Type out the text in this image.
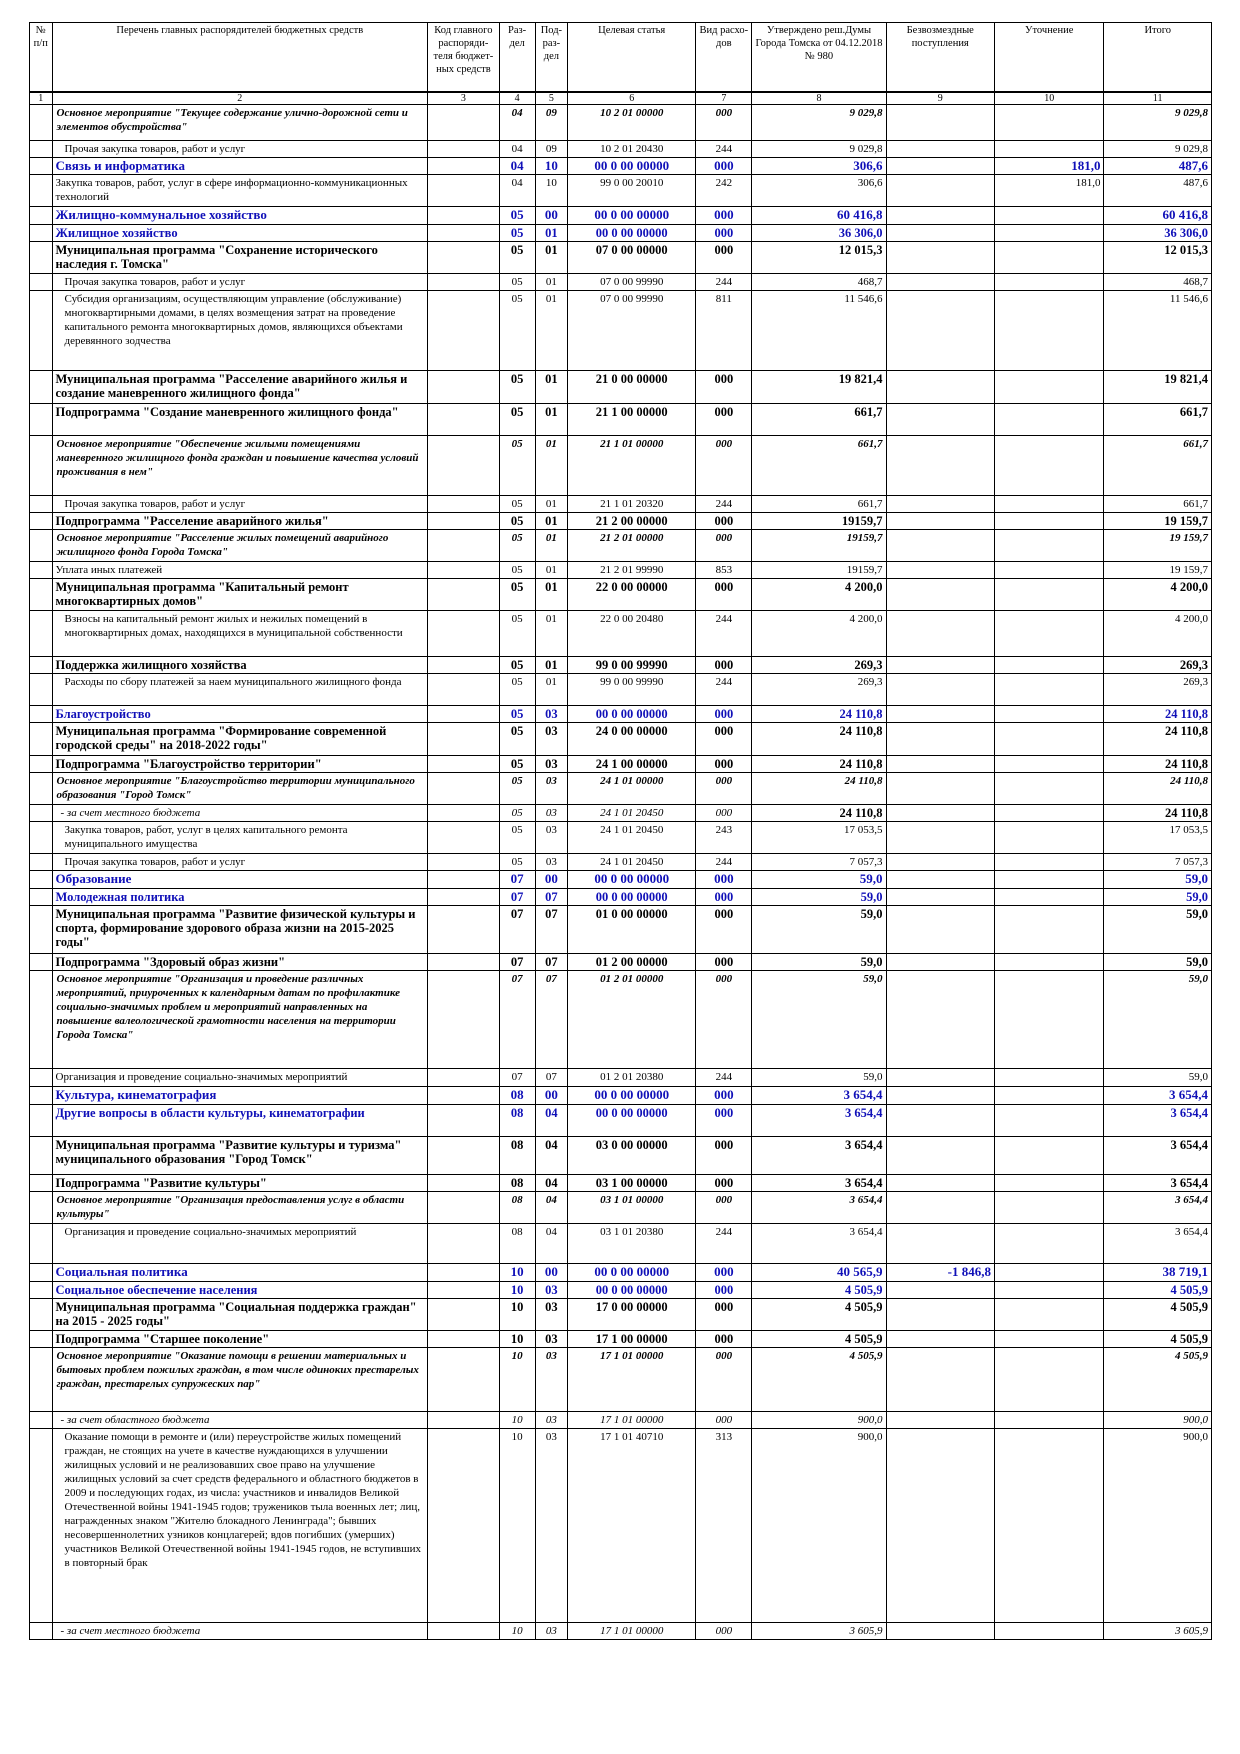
№ п/п	Перечень главных распорядителей бюджетных средств	Код главного распоряди-теля бюджет-ных средств	Раз-дел	Под-раз-дел	Целевая статья	Вид расхо-дов	Утверждено реш.Думы Города Томска от 04.12.2018 № 980	Безвозмездные поступления	Уточнение	Итого
1	2	3	4	5	6	7	8	9	10	11
	Основное мероприятие "Текущее содержание улично-дорожной сети и элементов обустройства"		04	09	10 2 01 00000	000	9 029,8			9 029,8
	Прочая закупка товаров, работ и услуг		04	09	10 2 01 20430	244	9 029,8			9 029,8
	Связь и информатика		04	10	00 0 00 00000	000	306,6		181,0	487,6
	Закупка товаров, работ, услуг в сфере информационно-коммуникационных технологий		04	10	99 0 00 20010	242	306,6		181,0	487,6
	Жилищно-коммунальное хозяйство		05	00	00 0 00 00000	000	60 416,8			60 416,8
	Жилищное хозяйство		05	01	00 0 00 00000	000	36 306,0			36 306,0
	Муниципальная программа "Сохранение исторического наследия г. Томска"		05	01	07 0 00 00000	000	12 015,3			12 015,3
	Прочая закупка товаров, работ и услуг		05	01	07 0 00 99990	244	468,7			468,7
	Субсидия организациям, осуществляющим управление (обслуживание) многоквартирными домами, в целях возмещения затрат на проведение капитального ремонта многоквартирных домов, являющихся объектами деревянного зодчества		05	01	07 0 00 99990	811	11 546,6			11 546,6
	Муниципальная программа "Расселение аварийного жилья и создание маневренного жилищного фонда"		05	01	21 0 00 00000	000	19 821,4			19 821,4
	Подпрограмма "Создание маневренного жилищного фонда"		05	01	21 1 00 00000	000	661,7			661,7
	Основное мероприятие "Обеспечение жилыми помещениями маневренного жилищного фонда граждан и повышение качества условий проживания в нем"		05	01	21 1 01 00000	000	661,7			661,7
	Прочая закупка товаров, работ и услуг		05	01	21 1 01 20320	244	661,7			661,7
	Подпрограмма "Расселение аварийного жилья"		05	01	21 2 00 00000	000	19159,7			19 159,7
	Основное мероприятие "Расселение жилых помещений аварийного жилищного фонда Города Томска"		05	01	21 2 01 00000	000	19159,7			19 159,7
	Уплата иных платежей		05	01	21 2 01 99990	853	19159,7			19 159,7
	Муниципальная программа "Капитальный ремонт многоквартирных домов"		05	01	22 0 00 00000	000	4 200,0			4 200,0
	Взносы на капитальный ремонт жилых и нежилых помещений в многоквартирных домах, находящихся в муниципальной собственности		05	01	22 0 00 20480	244	4 200,0			4 200,0
	Поддержка жилищного хозяйства		05	01	99 0 00 99990	000	269,3			269,3
	Расходы по сбору платежей за наем муниципального жилищного фонда		05	01	99 0 00 99990	244	269,3			269,3
	Благоустройство		05	03	00 0 00 00000	000	24 110,8			24 110,8
	Муниципальная программа "Формирование современной городской среды" на 2018-2022 годы"		05	03	24 0 00 00000	000	24 110,8			24 110,8
	Подпрограмма "Благоустройство территории"		05	03	24 1 00 00000	000	24 110,8			24 110,8
	Основное мероприятие "Благоустройство территории муниципального образования "Город Томск"		05	03	24 1 01 00000	000	24 110,8			24 110,8
	- за счет местного бюджета		05	03	24 1 01 20450	000	24 110,8			24 110,8
	Закупка товаров, работ, услуг в целях капитального ремонта муниципального имущества		05	03	24 1 01 20450	243	17 053,5			17 053,5
	Прочая закупка товаров, работ и услуг		05	03	24 1 01 20450	244	7 057,3			7 057,3
	Образование		07	00	00 0 00 00000	000	59,0			59,0
	Молодежная политика		07	07	00 0 00 00000	000	59,0			59,0
	Муниципальная программа "Развитие физической культуры и спорта, формирование здорового образа жизни на 2015-2025 годы"		07	07	01 0 00 00000	000	59,0			59,0
	Подпрограмма "Здоровый образ жизни"		07	07	01 2 00 00000	000	59,0			59,0
	Основное мероприятие "Организация и проведение различных мероприятий, приуроченных к календарным датам по профилактике социально-значимых проблем и мероприятий направленных на повышение валеологической грамотности населения на территории Города Томска"		07	07	01 2 01 00000	000	59,0			59,0
	Организация и проведение социально-значимых мероприятий		07	07	01 2 01 20380	244	59,0			59,0
	Культура, кинематография		08	00	00 0 00 00000	000	3 654,4			3 654,4
	Другие вопросы в области культуры, кинематографии		08	04	00 0 00 00000	000	3 654,4			3 654,4
	Муниципальная программа "Развитие культуры и туризма" муниципального образования "Город Томск"		08	04	03 0 00 00000	000	3 654,4			3 654,4
	Подпрограмма "Развитие культуры"		08	04	03 1 00 00000	000	3 654,4			3 654,4
	Основное мероприятие "Организация предоставления услуг в области культуры"		08	04	03 1 01 00000	000	3 654,4			3 654,4
	Организация и проведение социально-значимых мероприятий		08	04	03 1 01 20380	244	3 654,4			3 654,4
	Социальная политика		10	00	00 0 00 00000	000	40 565,9	-1 846,8		38 719,1
	Социальное обеспечение населения		10	03	00 0 00 00000	000	4 505,9			4 505,9
	Муниципальная программа "Социальная поддержка граждан" на 2015 - 2025 годы"		10	03	17 0 00 00000	000	4 505,9			4 505,9
	Подпрограмма "Старшее поколение"		10	03	17 1 00 00000	000	4 505,9			4 505,9
	Основное мероприятие "Оказание помощи в решении материальных и бытовых проблем пожилых граждан, в том числе одиноких престарелых граждан, престарелых супружеских пар"		10	03	17 1 01 00000	000	4 505,9			4 505,9
	- за счет областного бюджета		10	03	17 1 01 00000	000	900,0			900,0
	Оказание помощи в ремонте и (или) переустройстве жилых помещений граждан, не стоящих на учете в качестве нуждающихся в улучшении жилищных условий и не реализовавших свое право на улучшение жилищных условий за счет средств федерального и областного бюджетов в 2009 и последующих годах, из числа: участников и инвалидов Великой Отечественной войны 1941-1945 годов; тружеников тыла военных лет; лиц, награжденных знаком "Жителю блокадного Ленинграда"; бывших несовершеннолетних узников концлагерей; вдов погибших (умерших) участников Великой Отечественной войны 1941-1945 годов, не вступивших в повторный брак		10	03	17 1 01 40710	313	900,0			900,0
	- за счет местного бюджета		10	03	17 1 01 00000	000	3 605,9			3 605,9
